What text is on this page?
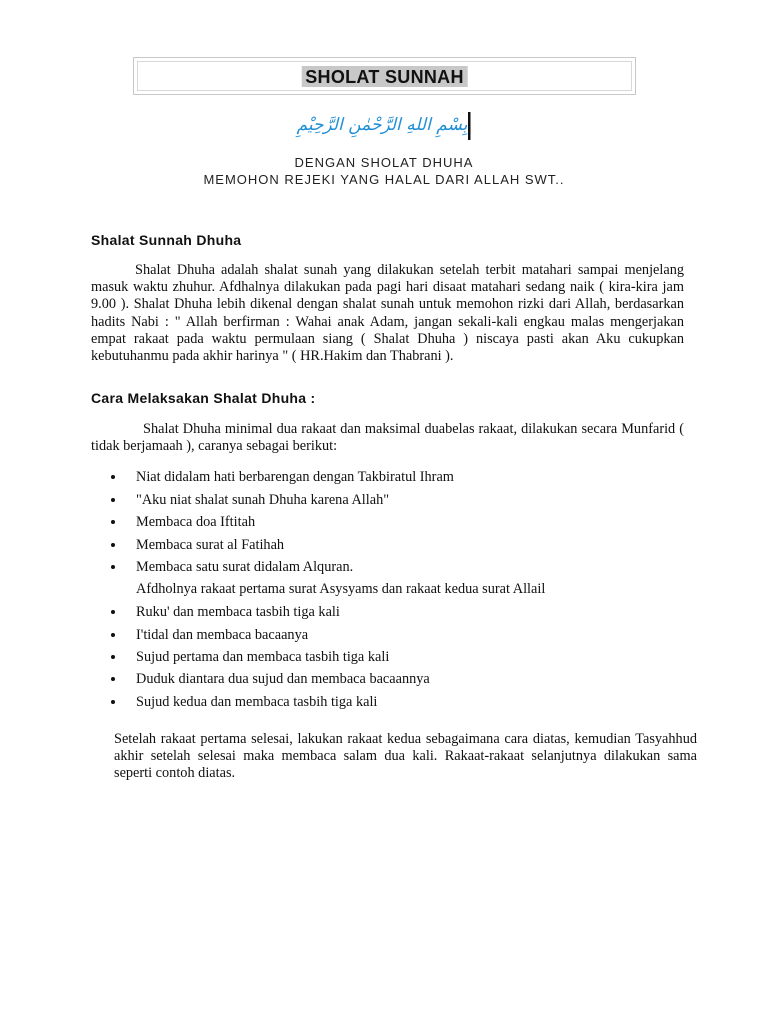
SHOLAT SUNNAH
بِسْمِ اللهِ الرَّحْمٰنِ الرَّحِيْمِ
DENGAN SHOLAT DHUHA
MEMOHON REJEKI YANG HALAL DARI ALLAH SWT..
Shalat Sunnah Dhuha
Shalat Dhuha adalah shalat sunah yang dilakukan setelah terbit matahari sampai menjelang masuk waktu zhuhur. Afdhalnya dilakukan pada pagi hari disaat matahari sedang naik ( kira-kira jam 9.00 ). Shalat Dhuha lebih dikenal dengan shalat sunah untuk memohon rizki dari Allah, berdasarkan hadits Nabi : " Allah berfirman : Wahai anak Adam, jangan sekali-kali engkau malas mengerjakan empat rakaat pada waktu permulaan siang ( Shalat Dhuha ) niscaya pasti akan Aku cukupkan kebutuhanmu pada akhir harinya " ( HR.Hakim dan Thabrani ).
Cara Melaksakan Shalat Dhuha :
Shalat Dhuha minimal dua rakaat dan maksimal duabelas rakaat, dilakukan secara Munfarid ( tidak berjamaah ), caranya sebagai berikut:
Niat didalam hati berbarengan dengan Takbiratul Ihram
"Aku niat shalat sunah Dhuha karena Allah"
Membaca doa Iftitah
Membaca surat al Fatihah
Membaca satu surat didalam Alquran.
Afdholnya rakaat pertama surat Asysyams dan rakaat kedua surat Allail
Ruku' dan membaca tasbih tiga kali
I'tidal dan membaca bacaanya
Sujud pertama dan membaca tasbih tiga kali
Duduk diantara dua sujud dan membaca bacaannya
Sujud kedua dan membaca tasbih tiga kali
Setelah rakaat pertama selesai, lakukan rakaat kedua sebagaimana cara diatas, kemudian Tasyahhud akhir setelah selesai maka membaca salam dua kali. Rakaat-rakaat selanjutnya dilakukan sama seperti contoh diatas.
